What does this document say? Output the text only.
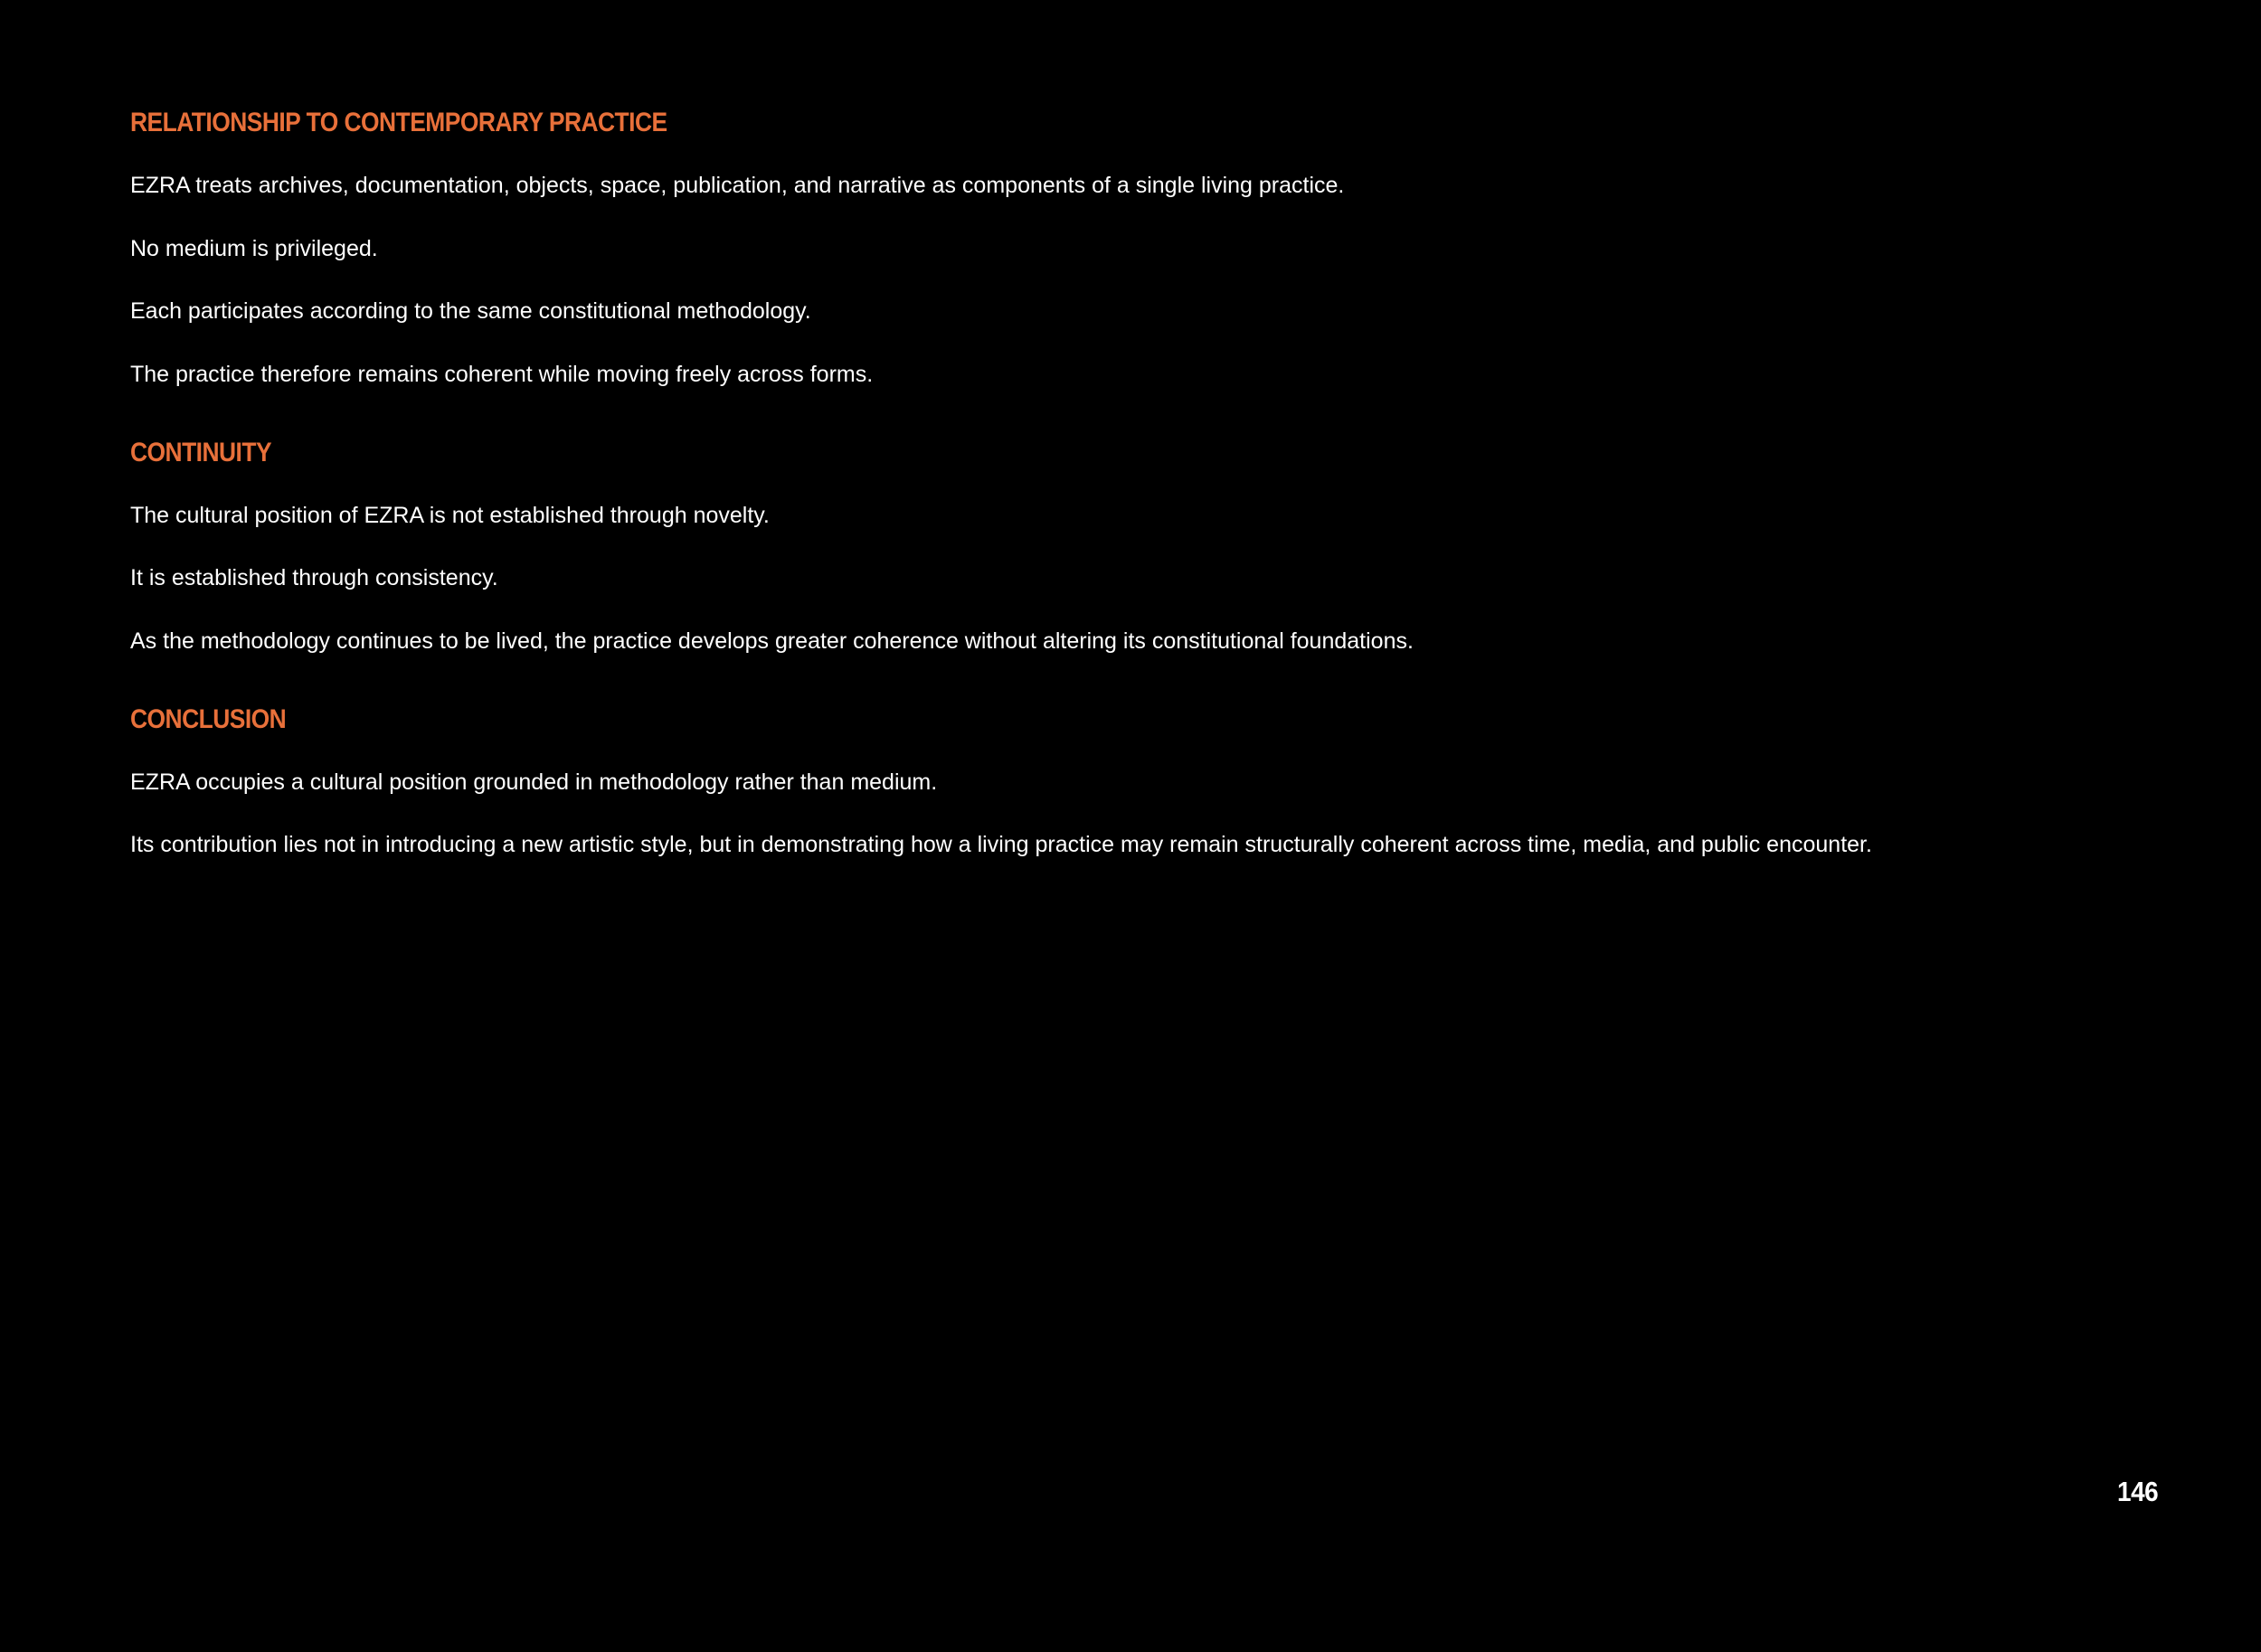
RELATIONSHIP TO CONTEMPORARY PRACTICE

EZRA treats archives, documentation, objects, space, publication, and narrative as components of a single living practice.

No medium is privileged.

Each participates according to the same constitutional methodology.

The practice therefore remains coherent while moving freely across forms.

CONTINUITY

The cultural position of EZRA is not established through novelty.

It is established through consistency.

As the methodology continues to be lived, the practice develops greater coherence without altering its constitutional foundations.

CONCLUSION

EZRA occupies a cultural position grounded in methodology rather than medium.

Its contribution lies not in introducing a new artistic style, but in demonstrating how a living practice may remain structurally coherent across time, media, and public encounter.

146
